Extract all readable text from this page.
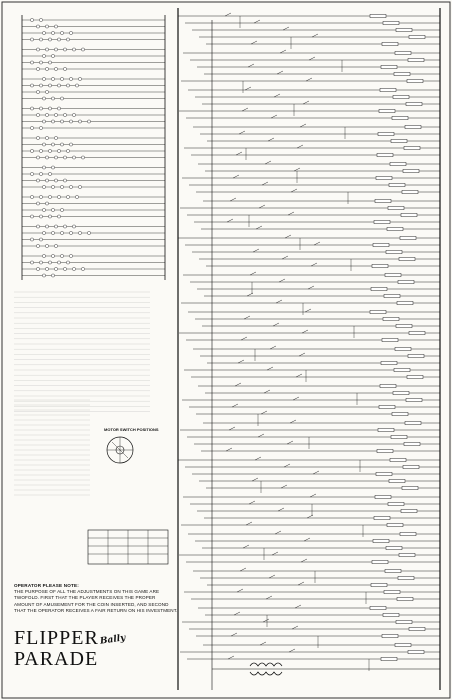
MOTOR SWITCH POSITIONS
OPERATOR PLEASE NOTE:
THE PURPOSE OF ALL THE ADJUSTMENTS ON THIS GAME ARE
TWOFOLD. FIRST THAT THE PLAYER RECEIVES THE PROPER
AMOUNT OF AMUSEMENT FOR THE COIN INSERTED, AND SECOND
THAT THE OPERATOR RECEIVES A FAIR RETURN ON HIS INVESTMENT.
FLIPPER
PARADE
Bally
